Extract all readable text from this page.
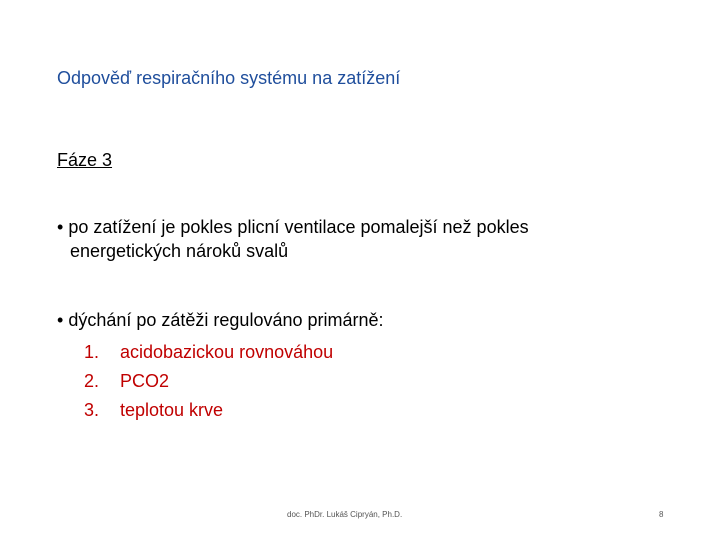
Odpověď respiračního systému na zatížení
Fáze 3
• po zatížení je pokles plicní ventilace pomalejší než pokles
energetických nároků svalů
• dýchání po zátěži regulováno primárně:
1.	acidobazickou rovnováhou
2.	PCO2
3.	teplotou krve
doc. PhDr. Lukáš Cipryán, Ph.D.	8
